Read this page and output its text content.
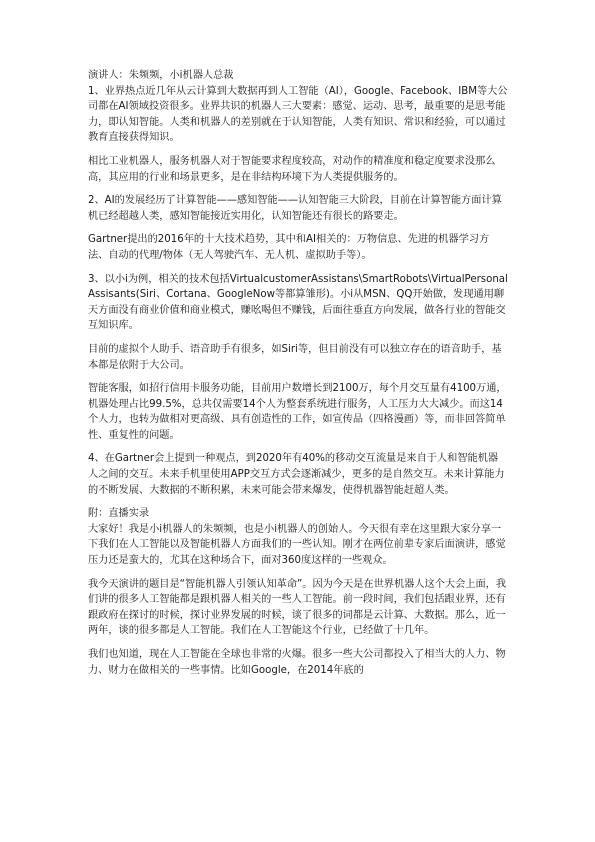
演讲人：朱频频，小i机器人总裁

1、业界热点近几年从云计算到大数据再到人工智能（AI），Google、Facebook、IBM等大公司都在AI领域投资很多。业界共识的机器人三大要素：感觉、运动、思考，最重要的是思考能力，即认知智能。人类和机器人的差别就在于认知智能，人类有知识、常识和经验，可以通过教育直接获得知识。

相比工业机器人，服务机器人对于智能要求程度较高，对动作的精准度和稳定度要求没那么高，其应用的行业和场景更多，是在非结构环境下为人类提供服务的。

2、AI的发展经历了计算智能——感知智能——认知智能三大阶段，目前在计算智能方面计算机已经超越人类，感知智能接近实用化，认知智能还有很长的路要走。

Gartner提出的2016年的十大技术趋势，其中和AI相关的：万物信息、先进的机器学习方法、自动的代理/物体（无人驾驶汽车、无人机、虚拟助手等）。

3、以小i为例，相关的技术包括VirtualcustomerAssistans\SmartRobots\VirtualPersonalAssisants(Siri、Cortana、GoogleNow等都算雏形)。小i从MSN、QQ开始做，发现通用聊天方面没有商业价值和商业模式，赚吆喝但不赚钱，后面往垂直方向发展，做各行业的智能交互知识库。

目前的虚拟个人助手、语音助手有很多，如Siri等，但目前没有可以独立存在的语音助手，基本都是依附于大公司。

智能客服，如招行信用卡服务功能，目前用户数增长到2100万，每个月交互量有4100万通，机器处理占比99.5%，总共仅需要14个人为整套系统进行服务，人工压力大大减少。而这14个人力，也转为做相对更高级、具有创造性的工作，如宣传品（四格漫画）等，而非回答简单性、重复性的问题。

4、在Gartner会上提到一种观点，到2020年有40%的移动交互流量是来自于人和智能机器人之间的交互。未来手机里使用APP交互方式会逐渐减少，更多的是自然交互。未来计算能力的不断发展、大数据的不断积累，未来可能会带来爆发，使得机器智能赶超人类。

附：直播实录

大家好！我是小i机器人的朱频频，也是小i机器人的创始人。今天很有幸在这里跟大家分享一下我们在人工智能以及智能机器人方面我们的一些认知。刚才在两位前辈专家后面演讲，感觉压力还是蛮大的，尤其在这种场合下，面对360度这样的一些观众。

我今天演讲的题目是“智能机器人引领认知革命”。因为今天是在世界机器人这个大会上面，我们讲的很多人工智能都是跟机器人相关的一些人工智能。前一段时间，我们包括跟业界，还有跟政府在探讨的时候，探讨业界发展的时候，谈了很多的词都是云计算、大数据。那么，近一两年，谈的很多都是人工智能。我们在人工智能这个行业，已经做了十几年。

我们也知道，现在人工智能在全球也非常的火爆。很多一些大公司都投入了相当大的人力、物力、财力在做相关的一些事情。比如Google，在2014年底的
